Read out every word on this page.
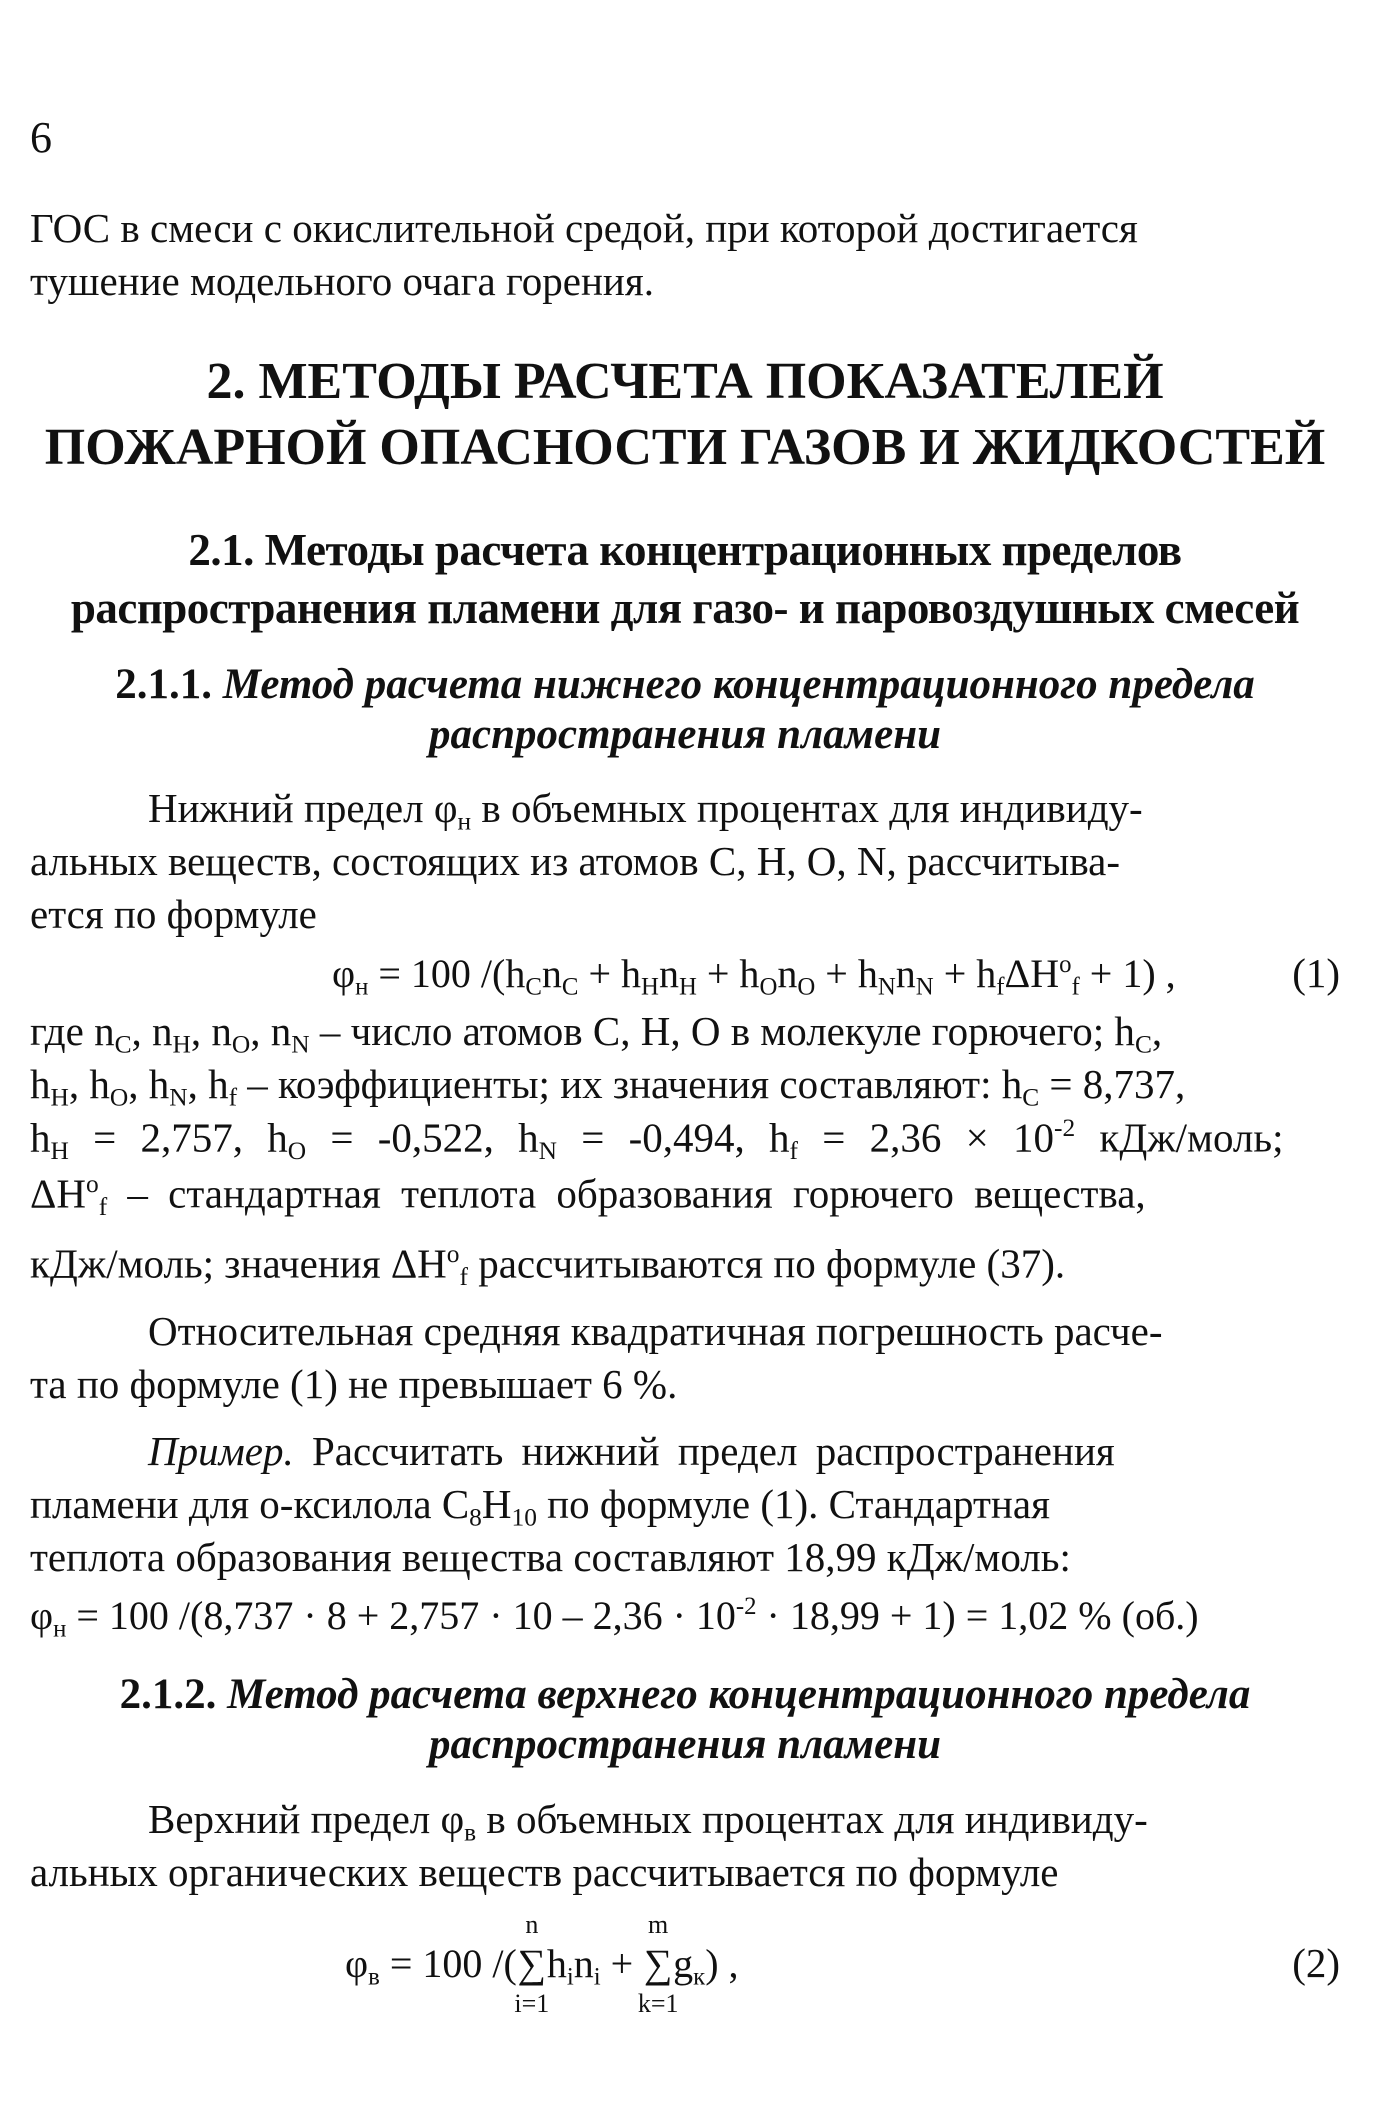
6
ГОС в смеси с окислительной средой, при которой достигается
тушение модельного очага горения.
2. МЕТОДЫ РАСЧЕТА ПОКАЗАТЕЛЕЙ
ПОЖАРНОЙ ОПАСНОСТИ ГАЗОВ И ЖИДКОСТЕЙ
2.1. Методы расчета концентрационных пределов
распространения пламени для газо- и паровоздушных смесей
2.1.1. Метод расчета нижнего концентрационного предела
распространения пламени
Нижний предел $\varphi_н$ в объемных процентах для индивиду-
альных веществ, состоящих из атомов С, Н, О, N, рассчитыва-
ется по формуле
$\varphi_н = 100$ $/(h_Cn_C + h_Hn_H + h_On_O + h_Nn_N + h_f\Delta H^o_f + 1)$ ,	(1)
где $n_C$, $n_H$, $n_O$, $n_N$ – число атомов С, Н, О в молекуле горючего; $h_C$,
$h_H$, $h_O$, $h_N$, $h_f$ – коэффициенты; их значения составляют: $h_C = 8,737$,
$h_H = 2,757$, $h_O = -0,522$, $h_N = -0,494$, $h_f = 2,36 \times 10^{-2}$ кДж/моль;
$\Delta H^o_f$ – стандартная теплота образования горючего вещества,
кДж/моль; значения $\Delta H^o_f$ рассчитываются по формуле (37).
Относительная средняя квадратичная погрешность расче-
та по формуле (1) не превышает 6 %.
Пример. Рассчитать нижний предел распространения
пламени для о-ксилола $С_8H_{10}$ по формуле (1). Стандартная
теплота образования вещества составляют 18,99 кДж/моль:
$\varphi_н = 100$ $/(8,737 \cdot 8 + 2,757 \cdot 10 - 2,36 \cdot 10^{-2} \cdot 18,99 + 1) = 1,02$ % (об.)
2.1.2. Метод расчета верхнего концентрационного предела
распространения пламени
Верхний предел $\varphi_в$ в объемных процентах для индивиду-
альных органических веществ рассчитывается по формуле
$\varphi_в = 100$ /(
n
∑
i=1
$h_in_i$ +
m
∑
k=1
$g_к$) ,	(2)
